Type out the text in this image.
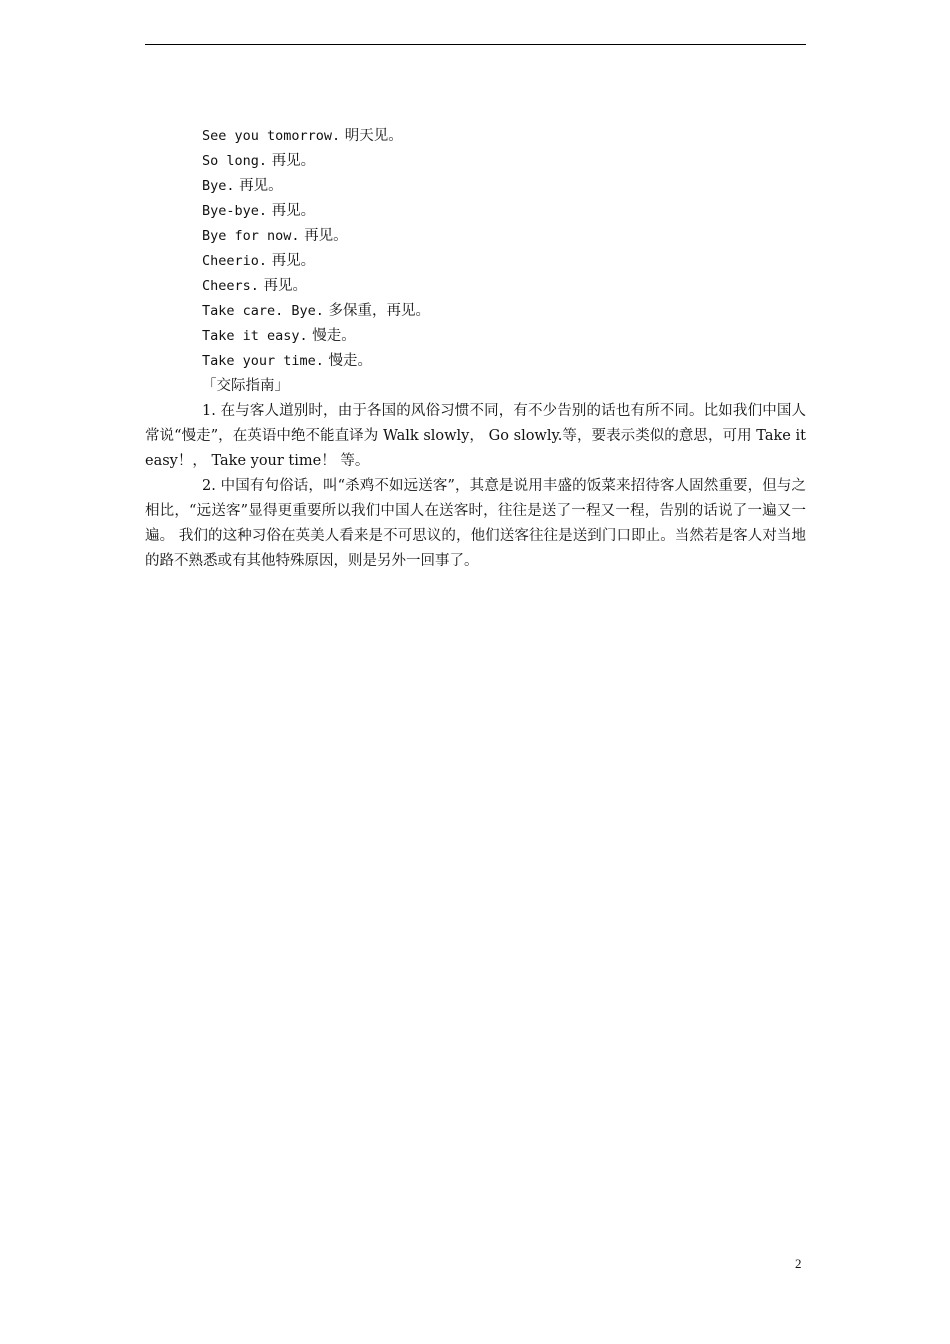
See you tomorrow. 明天见。
So long. 再见。
Bye. 再见。
Bye-bye. 再见。
Bye for now. 再见。
Cheerio. 再见。
Cheers. 再见。
Take care. Bye. 多保重，再见。
Take it easy. 慢走。
Take your time. 慢走。
「交际指南」

1. 在与客人道别时，由于各国的风俗习惯不同，有不少告别的话也有所不同。比如我们中国人常说“慢走”，在英语中绝不能直译为 Walk slowly， Go slowly.等，要表示类似的意思，可用 Take it easy！， Take your time！ 等。

2. 中国有句俗话，叫“杀鸡不如远送客”，其意是说用丰盛的饭菜来招待客人固然重要，但与之相比，“远送客”显得更重要所以我们中国人在送客时，往往是送了一程又一程，告别的话说了一遍又一遍。 我们的这种习俗在英美人看来是不可思议的，他们送客往往是送到门口即止。当然若是客人对当地的路不熟悉或有其他特殊原因，则是另外一回事了。

2
